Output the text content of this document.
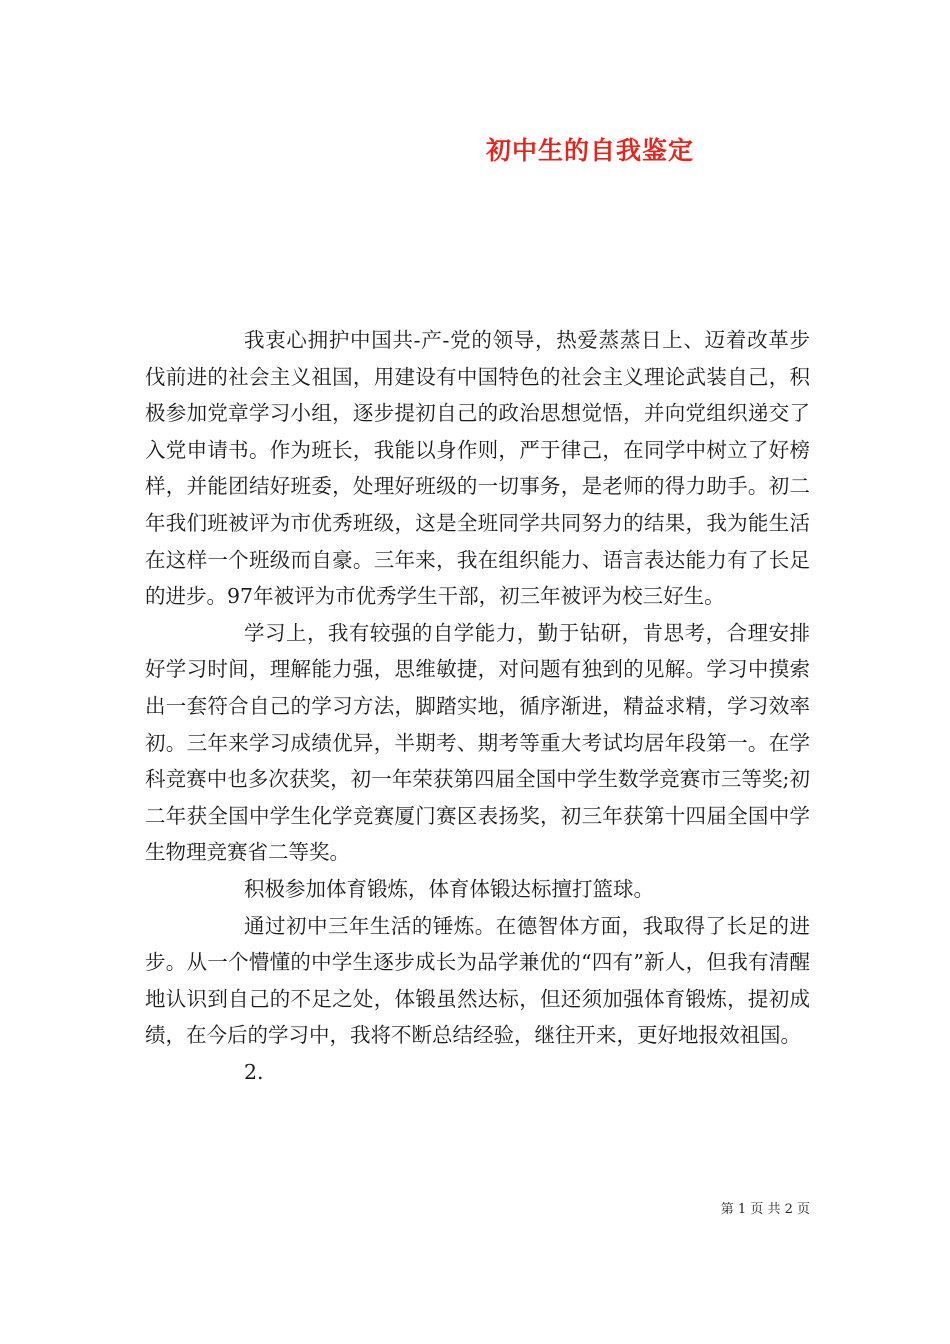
初中生的自我鉴定

我衷心拥护中国共-产-党的领导，热爱蒸蒸日上、迈着改革步伐前进的社会主义祖国，用建设有中国特色的社会主义理论武装自己，积极参加党章学习小组，逐步提初自己的政治思想觉悟，并向党组织递交了入党申请书。作为班长，我能以身作则，严于律己，在同学中树立了好榜样，并能团结好班委，处理好班级的一切事务，是老师的得力助手。初二年我们班被评为市优秀班级，这是全班同学共同努力的结果，我为能生活在这样一个班级而自豪。三年来，我在组织能力、语言表达能力有了长足的进步。97年被评为市优秀学生干部，初三年被评为校三好生。

学习上，我有较强的自学能力，勤于钻研，肯思考，合理安排好学习时间，理解能力强，思维敏捷，对问题有独到的见解。学习中摸索出一套符合自己的学习方法，脚踏实地，循序渐进，精益求精，学习效率初。三年来学习成绩优异，半期考、期考等重大考试均居年段第一。在学科竞赛中也多次获奖，初一年荣获第四届全国中学生数学竞赛市三等奖;初二年获全国中学生化学竞赛厦门赛区表扬奖，初三年获第十四届全国中学生物理竞赛省二等奖。

积极参加体育锻炼，体育体锻达标擅打篮球。

通过初中三年生活的锤炼。在德智体方面，我取得了长足的进步。从一个懵懂的中学生逐步成长为品学兼优的“四有”新人，但我有清醒地认识到自己的不足之处，体锻虽然达标，但还须加强体育锻炼，提初成绩，在今后的学习中，我将不断总结经验，继往开来，更好地报效祖国。

2.

第 1 页 共 2 页
